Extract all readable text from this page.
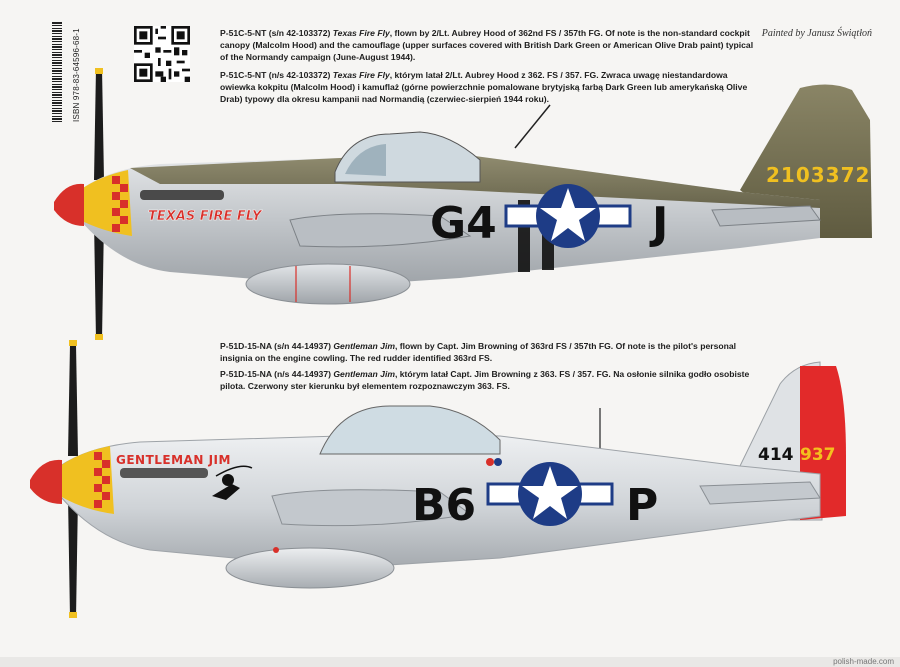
ISBN 978-83-64596-68-1	Painted by Janusz Świątłoń
P-51C-5-NT (s/n 42-103372) Texas Fire Fly, flown by 2/Lt. Aubrey Hood of 362nd FS / 357th FG. Of note is the non-standard cockpit canopy (Malcolm Hood) and the camouflage (upper surfaces covered with British Dark Green or American Olive Drab paint) typical of the Normandy campaign (June-August 1944).
P-51C-5-NT (n/s 42-103372) Texas Fire Fly, którym latał 2/Lt. Aubrey Hood z 362. FS / 357. FG. Zwraca uwagę niestandardowa owiewka kokpitu (Malcolm Hood) i kamuflaż (górne powierzchnie pomalowane brytyjską farbą Dark Green lub amerykańską Olive Drab) typowy dla okresu kampanii nad Normandią (czerwiec-sierpień 1944 roku).
P-51D-15-NA (s/n 44-14937) Gentleman Jim, flown by Capt. Jim Browning of 363rd FS / 357th FG. Of note is the pilot's personal insignia on the engine cowling. The red rudder identified 363rd FS.
P-51D-15-NA (n/s 44-14937) Gentleman Jim, którym latał Capt. Jim Browning z 363. FS / 357. FG. Na osłonie silnika godło osobiste pilota. Czerwony ster kierunku był elementem rozpoznawczym 363. FS.
2103372
TEXAS FIRE FLY	G4	J
414 937
GENTLEMAN JIM
B6	P
polish-made.com
